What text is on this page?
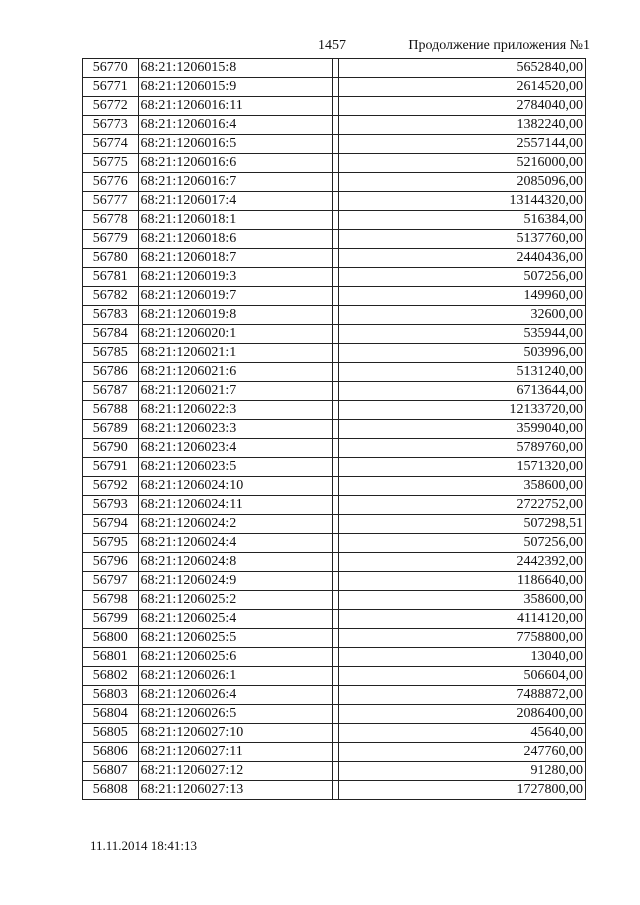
1457	Продолжение приложения №1
56770	68:21:1206015:8		5652840,00
56771	68:21:1206015:9		2614520,00
56772	68:21:1206016:11		2784040,00
56773	68:21:1206016:4		1382240,00
56774	68:21:1206016:5		2557144,00
56775	68:21:1206016:6		5216000,00
56776	68:21:1206016:7		2085096,00
56777	68:21:1206017:4		13144320,00
56778	68:21:1206018:1		516384,00
56779	68:21:1206018:6		5137760,00
56780	68:21:1206018:7		2440436,00
56781	68:21:1206019:3		507256,00
56782	68:21:1206019:7		149960,00
56783	68:21:1206019:8		32600,00
56784	68:21:1206020:1		535944,00
56785	68:21:1206021:1		503996,00
56786	68:21:1206021:6		5131240,00
56787	68:21:1206021:7		6713644,00
56788	68:21:1206022:3		12133720,00
56789	68:21:1206023:3		3599040,00
56790	68:21:1206023:4		5789760,00
56791	68:21:1206023:5		1571320,00
56792	68:21:1206024:10		358600,00
56793	68:21:1206024:11		2722752,00
56794	68:21:1206024:2		507298,51
56795	68:21:1206024:4		507256,00
56796	68:21:1206024:8		2442392,00
56797	68:21:1206024:9		1186640,00
56798	68:21:1206025:2		358600,00
56799	68:21:1206025:4		4114120,00
56800	68:21:1206025:5		7758800,00
56801	68:21:1206025:6		13040,00
56802	68:21:1206026:1		506604,00
56803	68:21:1206026:4		7488872,00
56804	68:21:1206026:5		2086400,00
56805	68:21:1206027:10		45640,00
56806	68:21:1206027:11		247760,00
56807	68:21:1206027:12		91280,00
56808	68:21:1206027:13		1727800,00
11.11.2014 18:41:13
